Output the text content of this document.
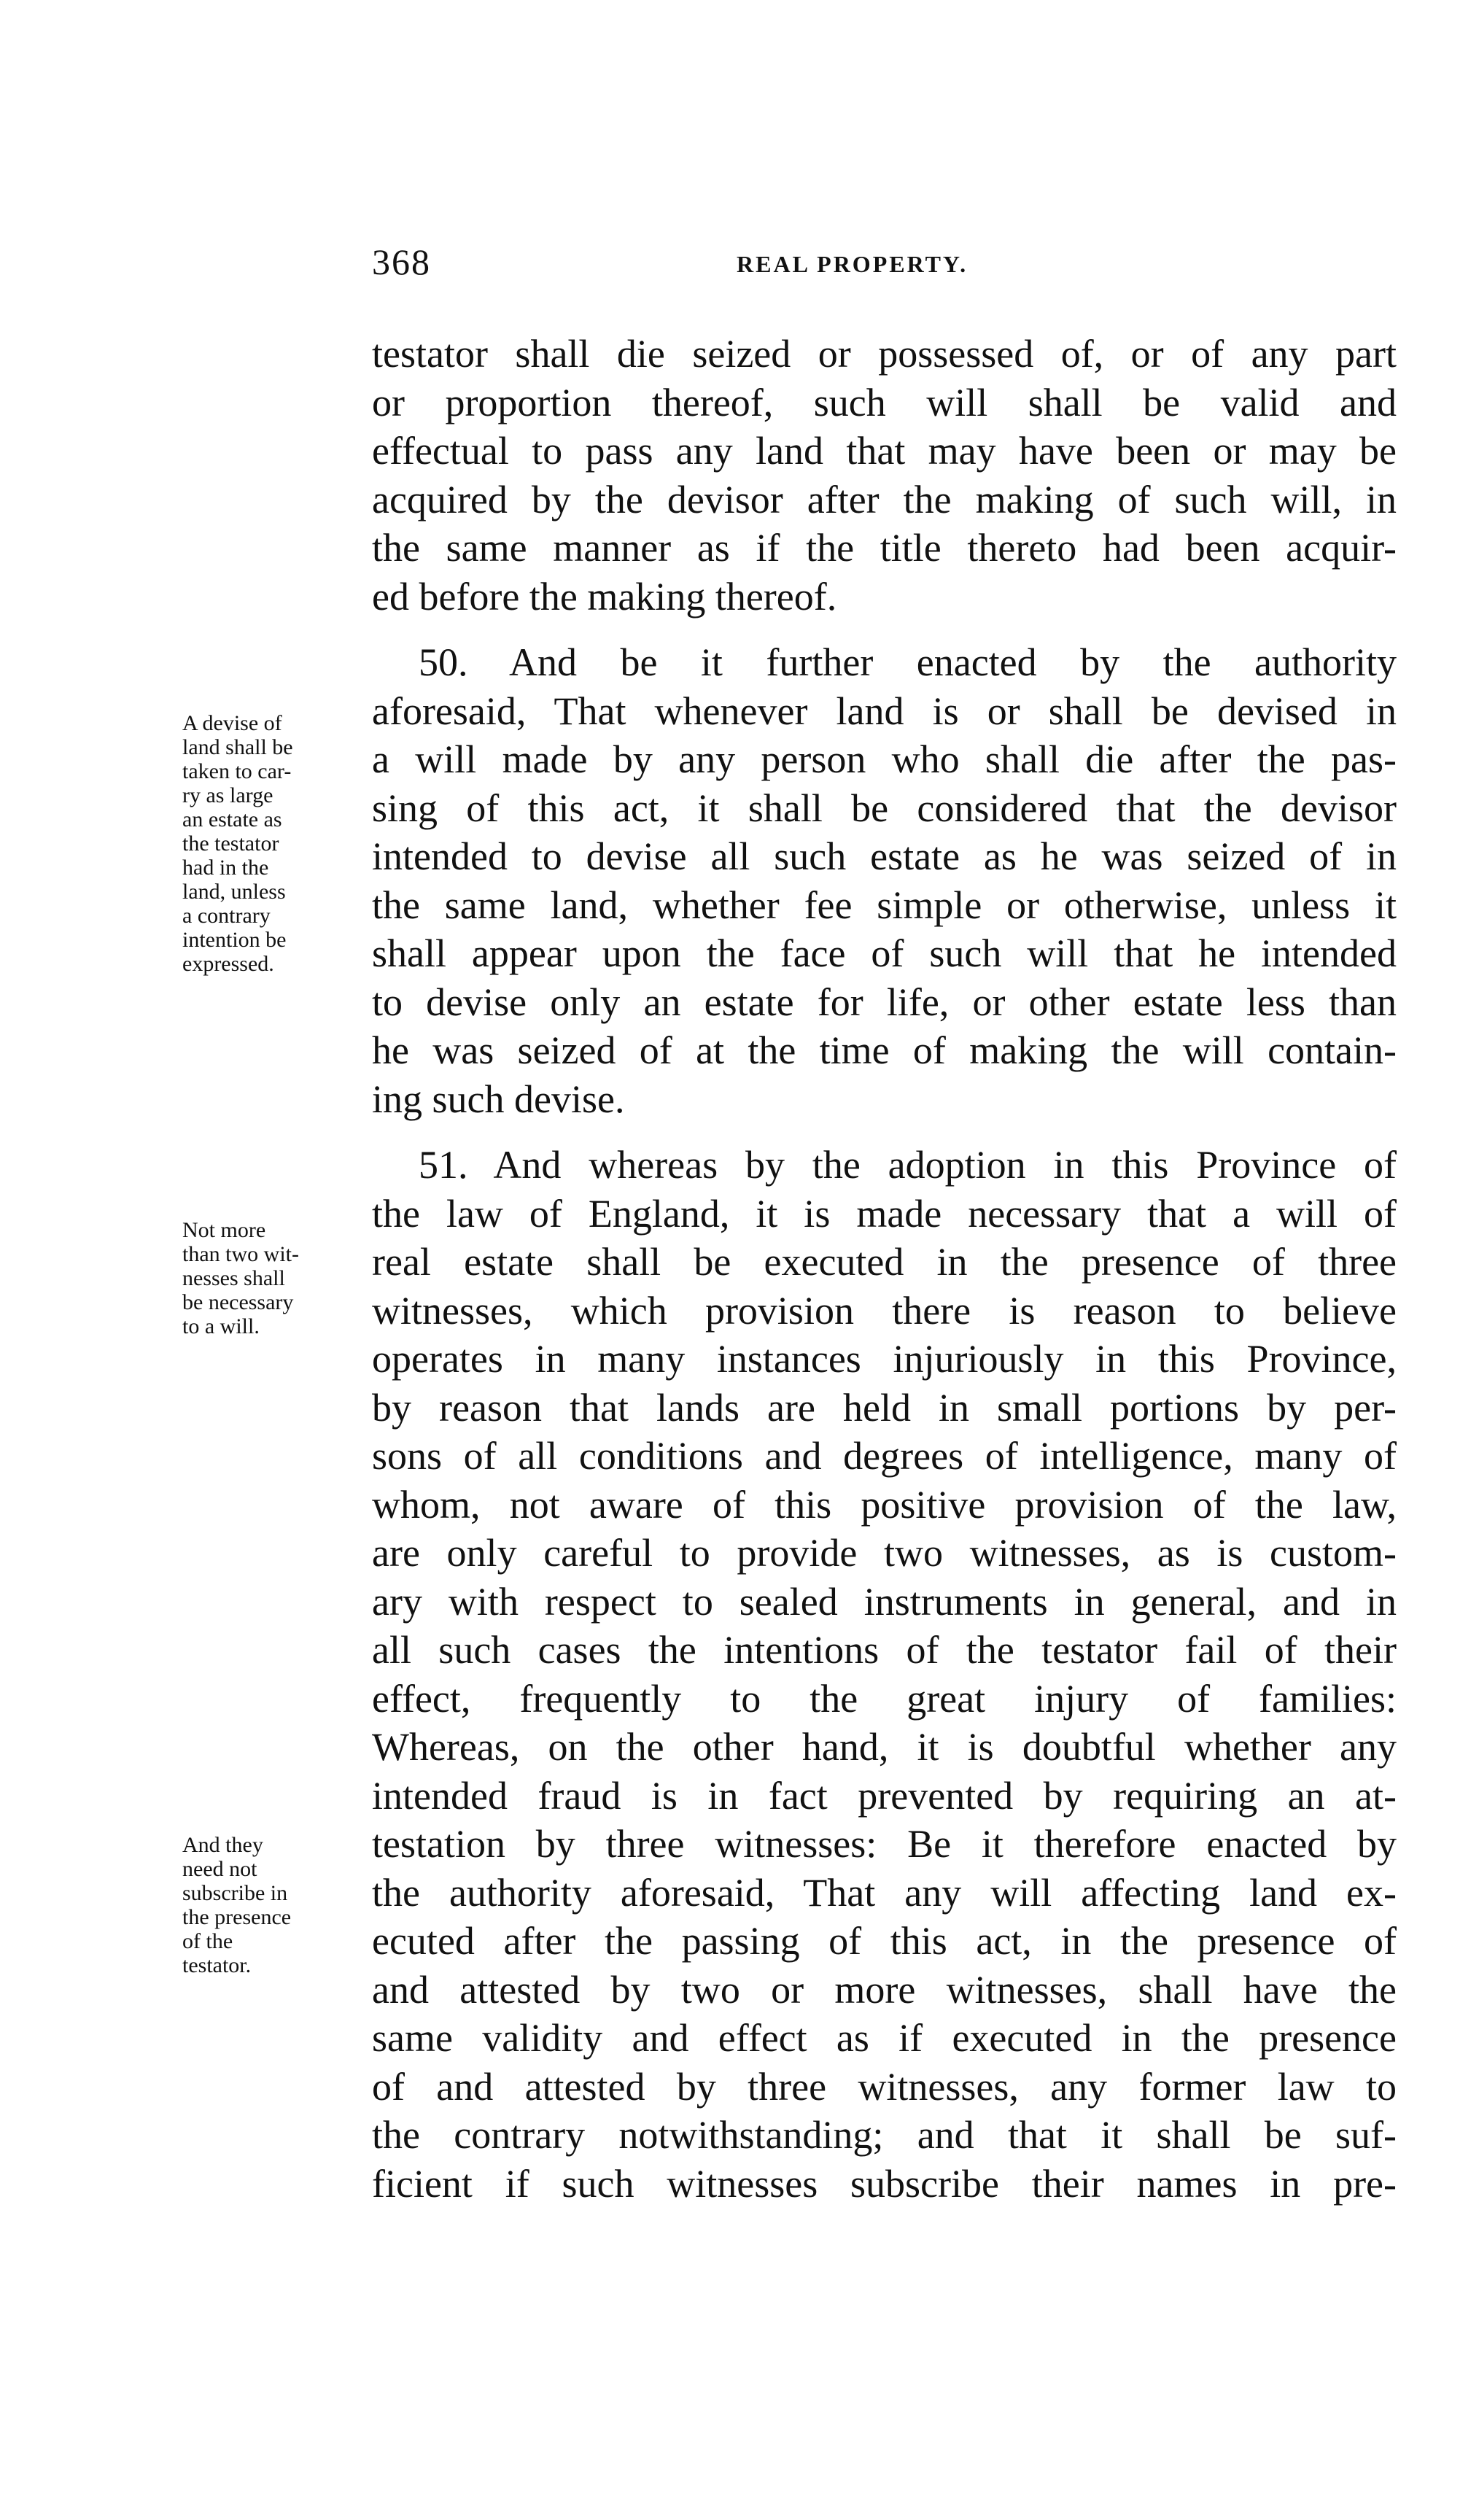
368	REAL PROPERTY.
A devise of
land shall be
taken to car-
ry as large
an estate as
the testator
had in the
land, unless
a contrary
intention be
expressed.
Not more
than two wit-
nesses shall
be necessary
to a will.
And they
need not
subscribe in
the presence
of the
testator.
testator shall die seized or possessed of, or of any part
or proportion thereof, such will shall be valid and
effectual to pass any land that may have been or may be
acquired by the devisor after the making of such will, in
the same manner as if the title thereto had been acquir-
ed before the making thereof.
50. And be it further enacted by the authority
aforesaid, That whenever land is or shall be devised in
a will made by any person who shall die after the pas-
sing of this act, it shall be considered that the devisor
intended to devise all such estate as he was seized of in
the same land, whether fee simple or otherwise, unless it
shall appear upon the face of such will that he intended
to devise only an estate for life, or other estate less than
he was seized of at the time of making the will contain-
ing such devise.
51. And whereas by the adoption in this Province of
the law of England, it is made necessary that a will of
real estate shall be executed in the presence of three
witnesses, which provision there is reason to believe
operates in many instances injuriously in this Province,
by reason that lands are held in small portions by per-
sons of all conditions and degrees of intelligence, many of
whom, not aware of this positive provision of the law,
are only careful to provide two witnesses, as is custom-
ary with respect to sealed instruments in general, and in
all such cases the intentions of the testator fail of their
effect, frequently to the great injury of families:
Whereas, on the other hand, it is doubtful whether any
intended fraud is in fact prevented by requiring an at-
testation by three witnesses: Be it therefore enacted by
the authority aforesaid, That any will affecting land ex-
ecuted after the passing of this act, in the presence of
and attested by two or more witnesses, shall have the
same validity and effect as if executed in the presence
of and attested by three witnesses, any former law to
the contrary notwithstanding; and that it shall be suf-
ficient if such witnesses subscribe their names in pre-
